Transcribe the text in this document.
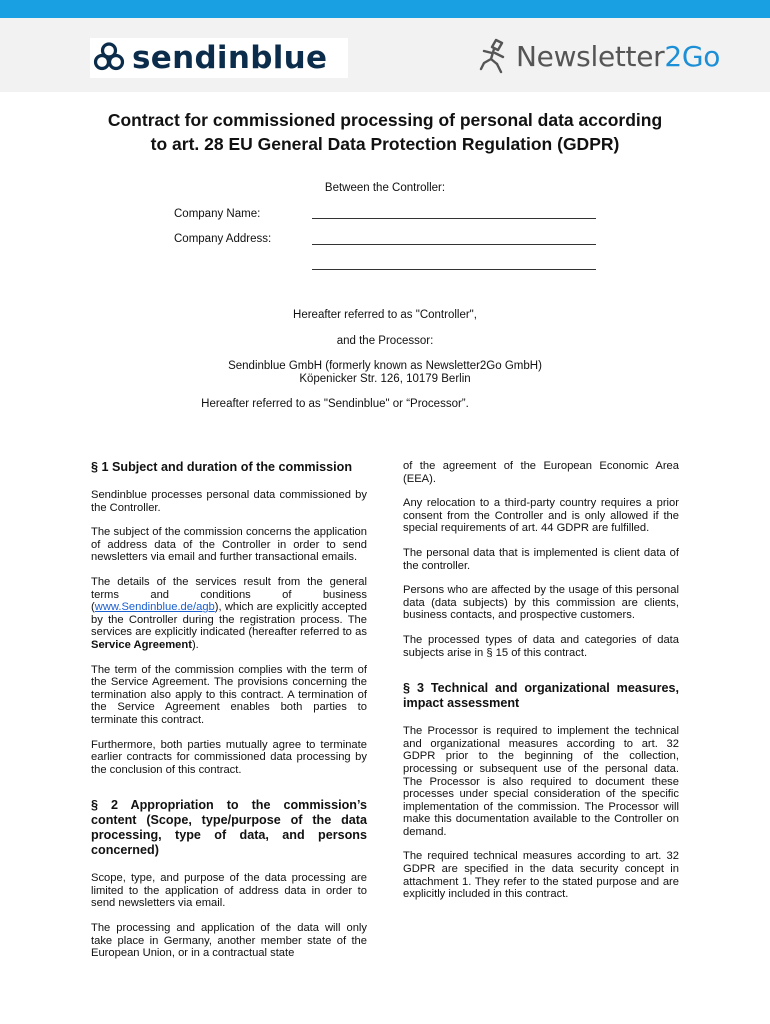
sendinblue	Newsletter2Go
Contract for commissioned processing of personal data according
to art. 28 EU General Data Protection Regulation (GDPR)
Between the Controller:
Company Name:
Company Address:
Hereafter referred to as "Controller",
and the Processor:
Sendinblue GmbH (formerly known as Newsletter2Go GmbH)
Köpenicker Str. 126, 10179 Berlin
Hereafter referred to as "Sendinblue" or “Processor”.
§ 1 Subject and duration of the commission

Sendinblue processes personal data commissioned by the Controller.

The subject of the commission concerns the application of address data of the Controller in order to send newsletters via email and further transactional emails.

The details of the services result from the general terms and conditions of business (www.Sendinblue.de/agb), which are explicitly accepted by the Controller during the registration process. The services are explicitly indicated (hereafter referred to as Service Agreement).

The term of the commission complies with the term of the Service Agreement. The provisions concerning the termination also apply to this contract. A termination of the Service Agreement enables both parties to terminate this contract.

Furthermore, both parties mutually agree to terminate earlier contracts for commissioned data processing by the conclusion of this contract.

§ 2 Appropriation to the commission’s content (Scope, type/purpose of the data processing, type of data, and persons concerned)

Scope, type, and purpose of the data processing are limited to the application of address data in order to send newsletters via email.

The processing and application of the data will only take place in Germany, another member state of the European Union, or in a contractual state

of the agreement of the European Economic Area (EEA).

Any relocation to a third-party country requires a prior consent from the Controller and is only allowed if the special requirements of art. 44 GDPR are fulfilled.

The personal data that is implemented is client data of the controller.

Persons who are affected by the usage of this personal data (data subjects) by this commission are clients, business contacts, and prospective customers.

The processed types of data and categories of data subjects arise in § 15 of this contract.

§ 3 Technical and organizational measures, impact assessment

The Processor is required to implement the technical and organizational measures according to art. 32 GDPR prior to the beginning of the collection, processing or subsequent use of the personal data. The Processor is also required to document these processes under special consideration of the specific implementation of the commission. The Processor will make this documentation available to the Controller on demand.

The required technical measures according to art. 32 GDPR are specified in the data security concept in attachment 1. They refer to the stated purpose and are explicitly included in this contract.
